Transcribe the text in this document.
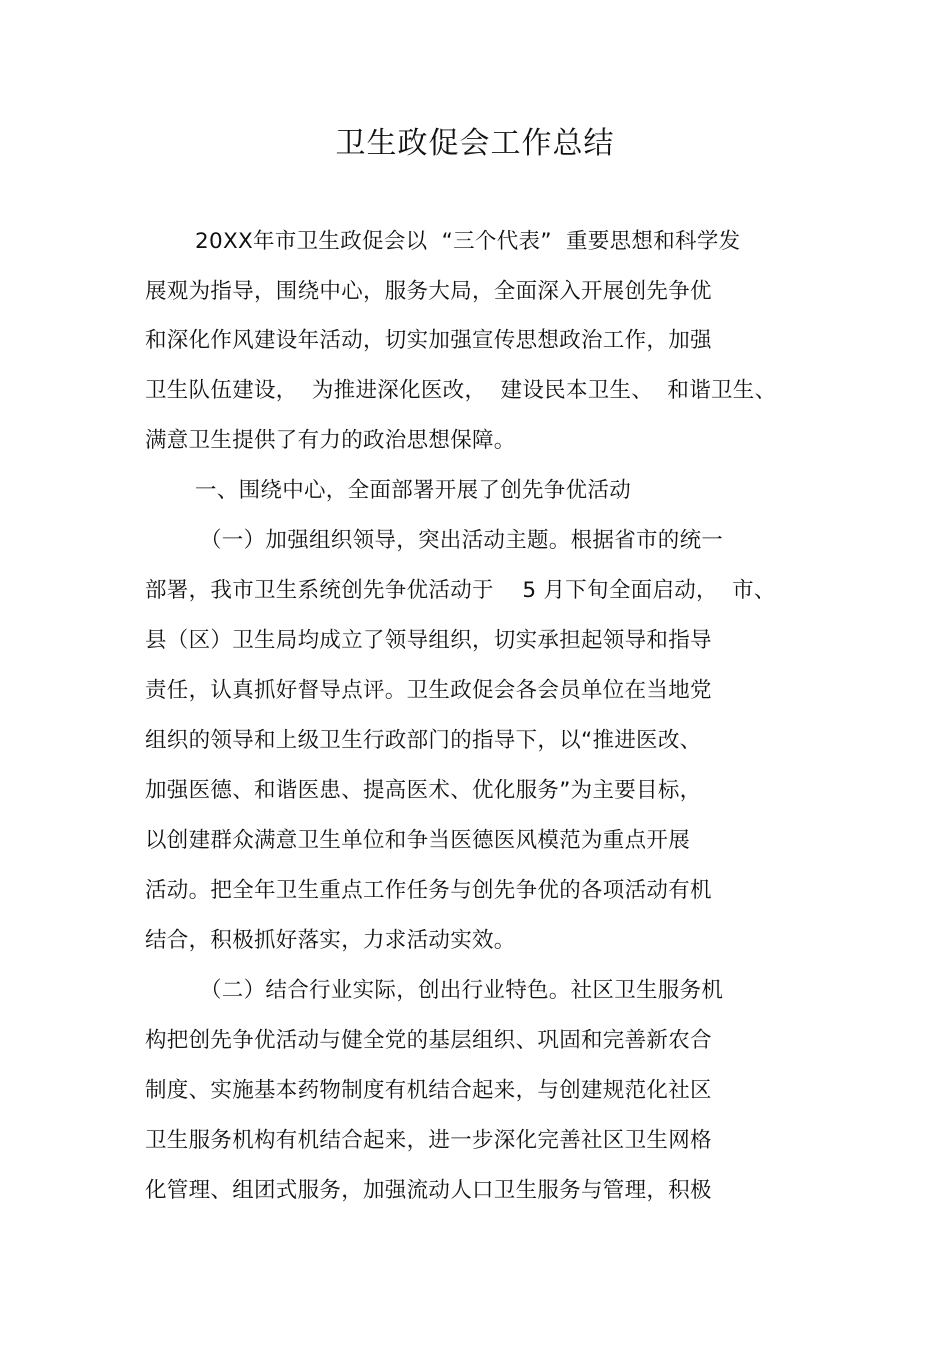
卫生政促会工作总结
20XX年市卫生政促会以  “三个代表”  重要思想和科学发
展观为指导，围绕中心，服务大局，全面深入开展创先争优
和深化作风建设年活动，切实加强宣传思想政治工作，加强
卫生队伍建设，  为推进深化医改，  建设民本卫生、  和谐卫生、
满意卫生提供了有力的政治思想保障。
一、围绕中心，全面部署开展了创先争优活动
（一）加强组织领导，突出活动主题。根据省市的统一
部署，我市卫生系统创先争优活动于    5 月下旬全面启动，  市、
县（区）卫生局均成立了领导组织，切实承担起领导和指导
责任，认真抓好督导点评。卫生政促会各会员单位在当地党
组织的领导和上级卫生行政部门的指导下，以“推进医改、
加强医德、和谐医患、提高医术、优化服务”为主要目标，
以创建群众满意卫生单位和争当医德医风模范为重点开展
活动。把全年卫生重点工作任务与创先争优的各项活动有机
结合，积极抓好落实，力求活动实效。
（二）结合行业实际，创出行业特色。社区卫生服务机
构把创先争优活动与健全党的基层组织、巩固和完善新农合
制度、实施基本药物制度有机结合起来，与创建规范化社区
卫生服务机构有机结合起来，进一步深化完善社区卫生网格
化管理、组团式服务，加强流动人口卫生服务与管理，积极
